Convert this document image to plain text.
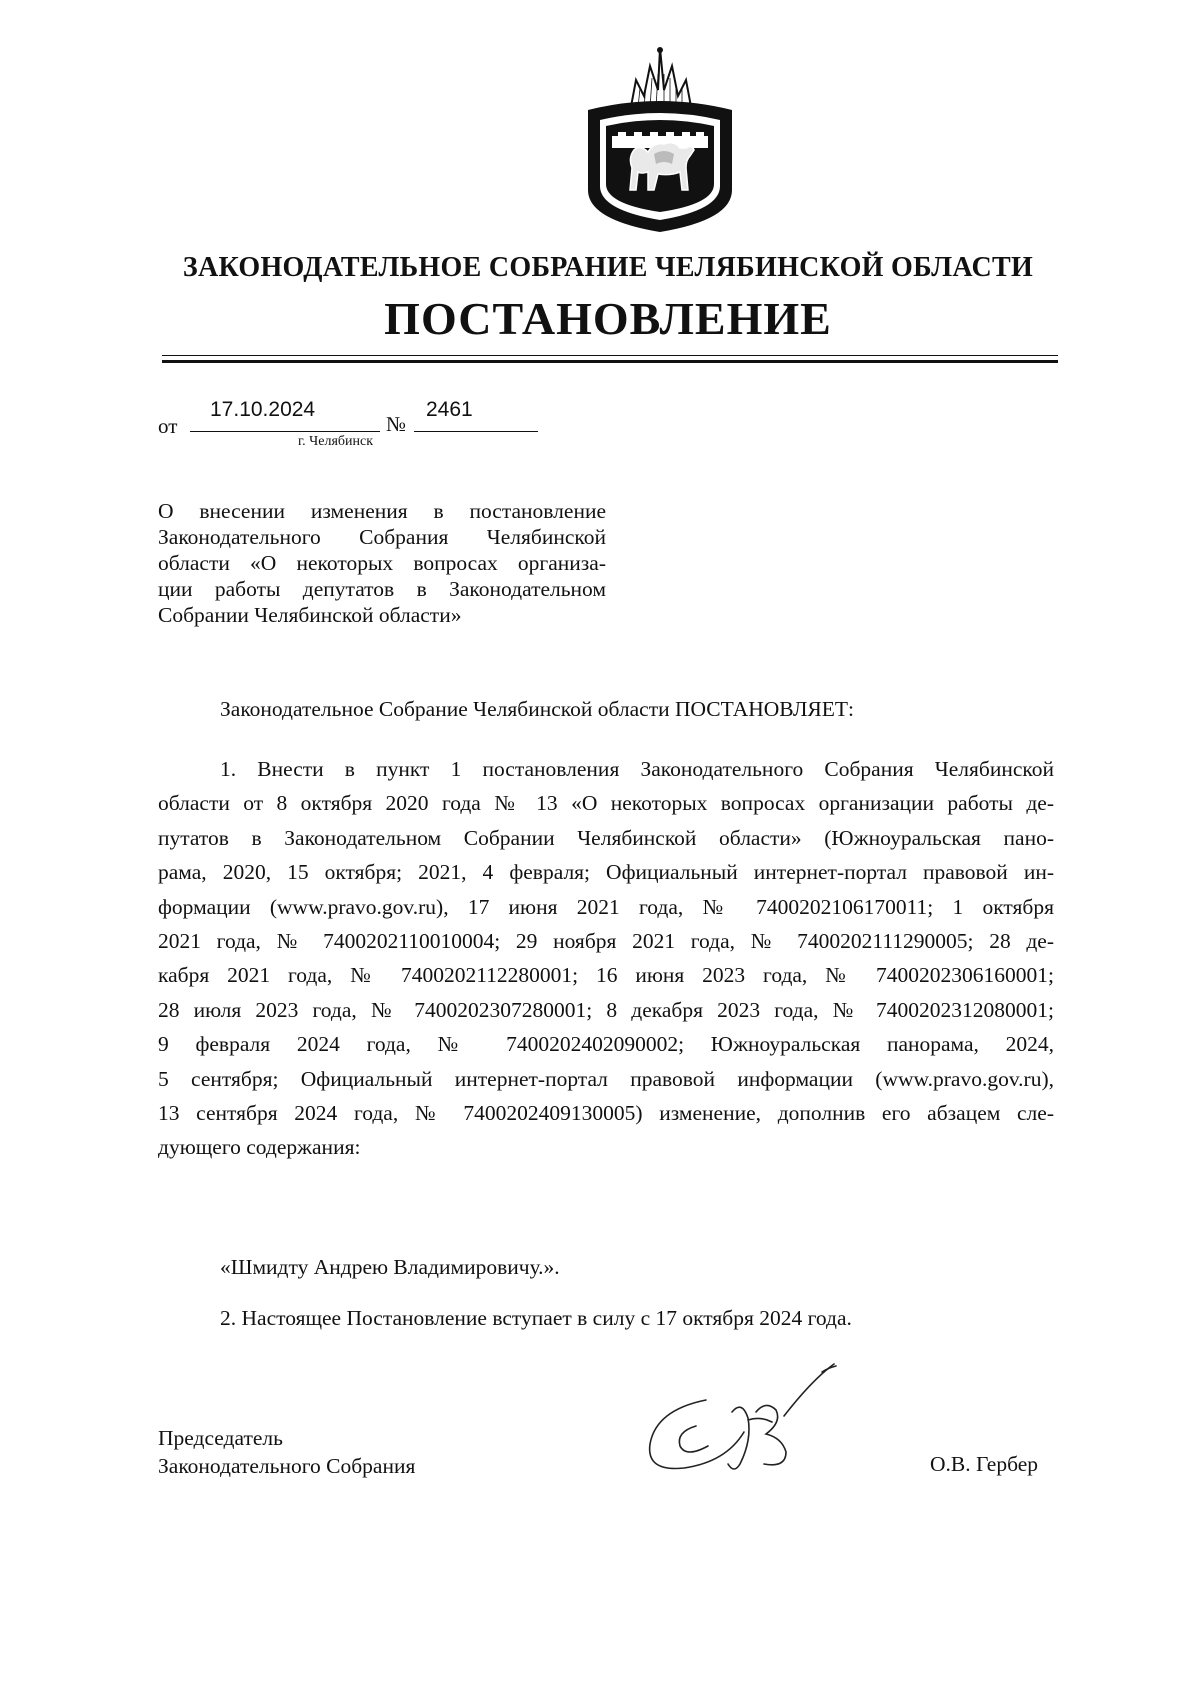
ЗАКОНОДАТЕЛЬНОЕ СОБРАНИЕ ЧЕЛЯБИНСКОЙ ОБЛАСТИ
ПОСТАНОВЛЕНИЕ
от
17.10.2024
№
2461
г. Челябинск
О внесении изменения в постановление
Законодательного Собрания Челябинской
области «О некоторых вопросах организа-
ции работы депутатов в Законодательном
Собрании Челябинской области»
Законодательное Собрание Челябинской области ПОСТАНОВЛЯЕТ:
1. Внести в пункт 1 постановления Законодательного Собрания Челябинской
области от 8 октября 2020 года № 13 «О некоторых вопросах организации работы де-
путатов в Законодательном Собрании Челябинской области» (Южноуральская пано-
рама, 2020, 15 октября; 2021, 4 февраля; Официальный интернет-портал правовой ин-
формации (www.pravo.gov.ru), 17 июня 2021 года, № 7400202106170011; 1 октября
2021 года, № 7400202110010004; 29 ноября 2021 года, № 7400202111290005; 28 де-
кабря 2021 года, № 7400202112280001; 16 июня 2023 года, № 7400202306160001;
28 июля 2023 года, № 7400202307280001; 8 декабря 2023 года, № 7400202312080001;
9 февраля 2024 года, № 7400202402090002; Южноуральская панорама, 2024,
5 сентября; Официальный интернет-портал правовой информации (www.pravo.gov.ru),
13 сентября 2024 года, № 7400202409130005) изменение, дополнив его абзацем сле-
дующего содержания:
«Шмидту Андрею Владимировичу.».
2. Настоящее Постановление вступает в силу с 17 октября 2024 года.
Председатель
Законодательного Собрания	О.В. Гербер
